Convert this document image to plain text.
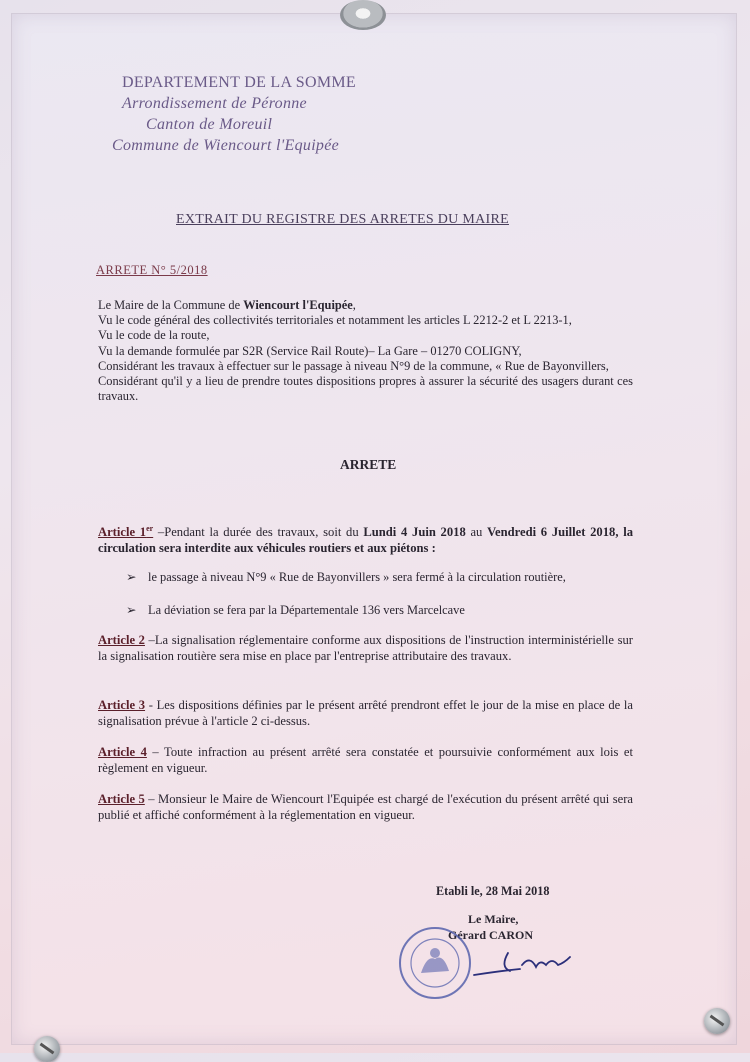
DEPARTEMENT DE LA SOMME
Arrondissement de Péronne
Canton de Moreuil
Commune de Wiencourt l'Equipée
EXTRAIT DU REGISTRE DES ARRETES DU MAIRE
ARRETE N° 5/2018

Le Maire de la Commune de Wiencourt l'Equipée,

Vu le code général des collectivités territoriales et notamment les articles L 2212-2 et L 2213-1,

Vu le code de la route,

Vu la demande formulée par S2R (Service Rail Route)– La Gare – 01270 COLIGNY,

Considérant les travaux à effectuer sur le passage à niveau N°9 de la commune, « Rue de Bayonvillers,

Considérant qu'il y a lieu de prendre toutes dispositions propres à assurer la sécurité des usagers durant ces travaux.

ARRETE

Article 1er –Pendant la durée des travaux, soit du Lundi 4 Juin 2018 au Vendredi 6 Juillet 2018, la circulation sera interdite aux véhicules routiers et aux piétons :

➢ le passage à niveau N°9 « Rue de Bayonvillers » sera fermé à la circulation routière,
➢ La déviation se fera par la Départementale 136 vers Marcelcave

Article 2 –La signalisation réglementaire conforme aux dispositions de l'instruction interministérielle sur la signalisation routière sera mise en place par l'entreprise attributaire des travaux.

Article 3 - Les dispositions définies par le présent arrêté prendront effet le jour de la mise en place de la signalisation prévue à l'article 2 ci-dessus.

Article 4 – Toute infraction au présent arrêté sera constatée et poursuivie conformément aux lois et règlement en vigueur.

Article 5 – Monsieur le Maire de Wiencourt l'Equipée est chargé de l'exécution du présent arrêté qui sera publié et affiché conformément à la réglementation en vigueur.

Etabli le, 28 Mai 2018
Le Maire,
Gérard CARON
